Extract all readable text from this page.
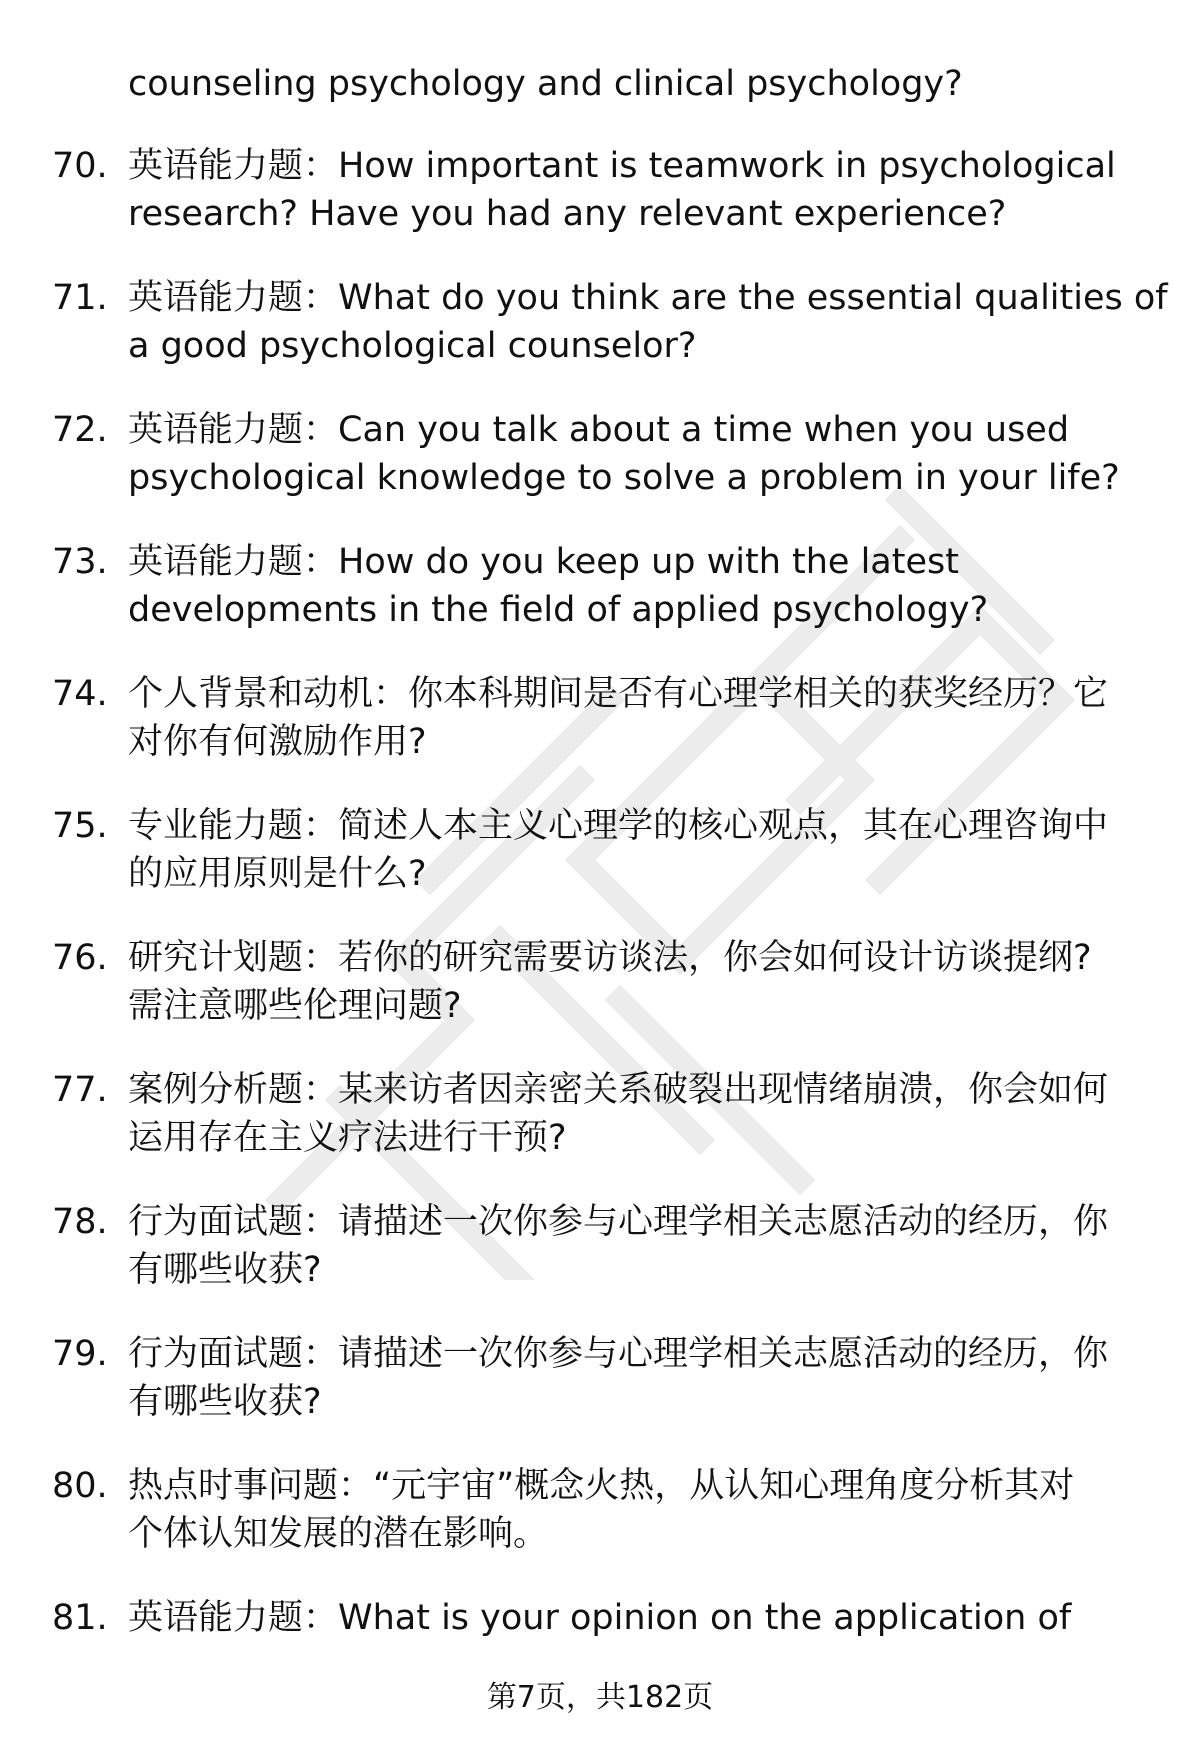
counseling psychology and clinical psychology?
70. 英语能力题：How important is teamwork in psychological
research? Have you had any relevant experience?
71. 英语能力题：What do you think are the essential qualities of
a good psychological counselor?
72. 英语能力题：Can you talk about a time when you used
psychological knowledge to solve a problem in your life?
73. 英语能力题：How do you keep up with the latest
developments in the field of applied psychology?
74. 个人背景和动机：你本科期间是否有心理学相关的获奖经历？它
对你有何激励作用?
75. 专业能力题：简述人本主义心理学的核心观点，其在心理咨询中
的应用原则是什么?
76. 研究计划题：若你的研究需要访谈法，你会如何设计访谈提纲?
需注意哪些伦理问题?
77. 案例分析题：某来访者因亲密关系破裂出现情绪崩溃，你会如何
运用存在主义疗法进行干预?
78. 行为面试题：请描述一次你参与心理学相关志愿活动的经历，你
有哪些收获?
79. 行为面试题：请描述一次你参与心理学相关志愿活动的经历，你
有哪些收获?
80. 热点时事问题：“元宇宙”概念火热，从认知心理角度分析其对
个体认知发展的潜在影响。
81. 英语能力题：What is your opinion on the application of
第7页，共182页
